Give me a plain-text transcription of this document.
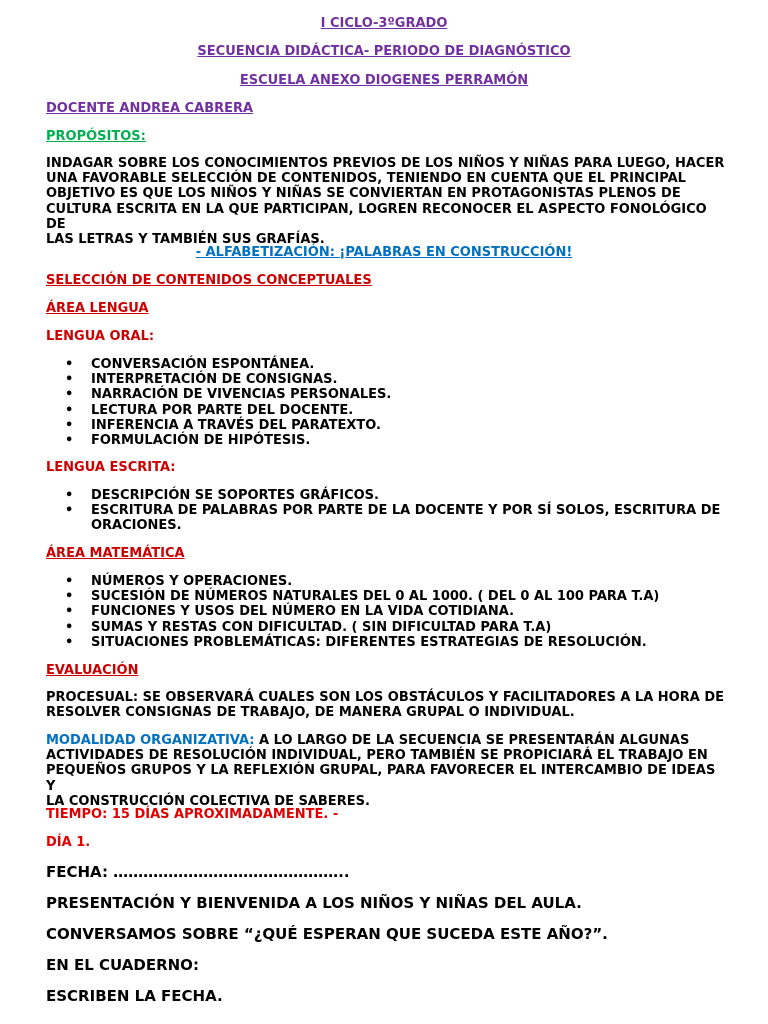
I CICLO-3ºGRADO
SECUENCIA DIDÁCTICA- PERIODO DE DIAGNÓSTICO
ESCUELA ANEXO DIOGENES PERRAMÓN
DOCENTE ANDREA CABRERA
PROPÓSITOS:
INDAGAR SOBRE LOS CONOCIMIENTOS PREVIOS DE LOS NIÑOS Y NIÑAS PARA LUEGO, HACER
UNA FAVORABLE SELECCIÓN DE CONTENIDOS, TENIENDO EN CUENTA QUE EL PRINCIPAL
OBJETIVO ES QUE LOS NIÑOS Y NIÑAS SE CONVIERTAN EN PROTAGONISTAS PLENOS DE
CULTURA ESCRITA EN LA QUE PARTICIPAN, LOGREN RECONOCER EL ASPECTO FONOLÓGICO DE
LAS LETRAS Y TAMBIÉN SUS GRAFÍAS.
- ALFABETIZACIÓN: ¡PALABRAS EN CONSTRUCCIÓN!
SELECCIÓN DE CONTENIDOS CONCEPTUALES
ÁREA LENGUA
LENGUA ORAL:
• CONVERSACIÓN ESPONTÁNEA.
• INTERPRETACIÓN DE CONSIGNAS.
• NARRACIÓN DE VIVENCIAS PERSONALES.
• LECTURA POR PARTE DEL DOCENTE.
• INFERENCIA A TRAVÉS DEL PARATEXTO.
• FORMULACIÓN DE HIPÓTESIS.
LENGUA ESCRITA:
• DESCRIPCIÓN SE SOPORTES GRÁFICOS.
• ESCRITURA DE PALABRAS POR PARTE DE LA DOCENTE Y POR SÍ SOLOS, ESCRITURA DE
ORACIONES.
ÁREA MATEMÁTICA
• NÚMEROS Y OPERACIONES.
• SUCESIÓN DE NÚMEROS NATURALES DEL 0 AL 1000. ( DEL 0 AL 100 PARA T.A)
• FUNCIONES Y USOS DEL NÚMERO EN LA VIDA COTIDIANA.
• SUMAS Y RESTAS CON DIFICULTAD. ( SIN DIFICULTAD PARA T.A)
• SITUACIONES PROBLEMÁTICAS: DIFERENTES ESTRATEGIAS DE RESOLUCIÓN.
EVALUACIÓN
PROCESUAL: SE OBSERVARÁ CUALES SON LOS OBSTÁCULOS Y FACILITADORES A LA HORA DE
RESOLVER CONSIGNAS DE TRABAJO, DE MANERA GRUPAL O INDIVIDUAL.
MODALIDAD ORGANIZATIVA: A LO LARGO DE LA SECUENCIA SE PRESENTARÁN ALGUNAS
ACTIVIDADES DE RESOLUCIÓN INDIVIDUAL, PERO TAMBIÉN SE PROPICIARÁ EL TRABAJO EN
PEQUEÑOS GRUPOS Y LA REFLEXIÓN GRUPAL, PARA FAVORECER EL INTERCAMBIO DE IDEAS Y
LA CONSTRUCCIÓN COLECTIVA DE SABERES.
TIEMPO: 15 DÍAS APROXIMADAMENTE. -
DÍA 1.
FECHA: ………………………………………..
PRESENTACIÓN Y BIENVENIDA A LOS NIÑOS Y NIÑAS DEL AULA.
CONVERSAMOS SOBRE “¿QUÉ ESPERAN QUE SUCEDA ESTE AÑO?”.
EN EL CUADERNO:
ESCRIBEN LA FECHA.
